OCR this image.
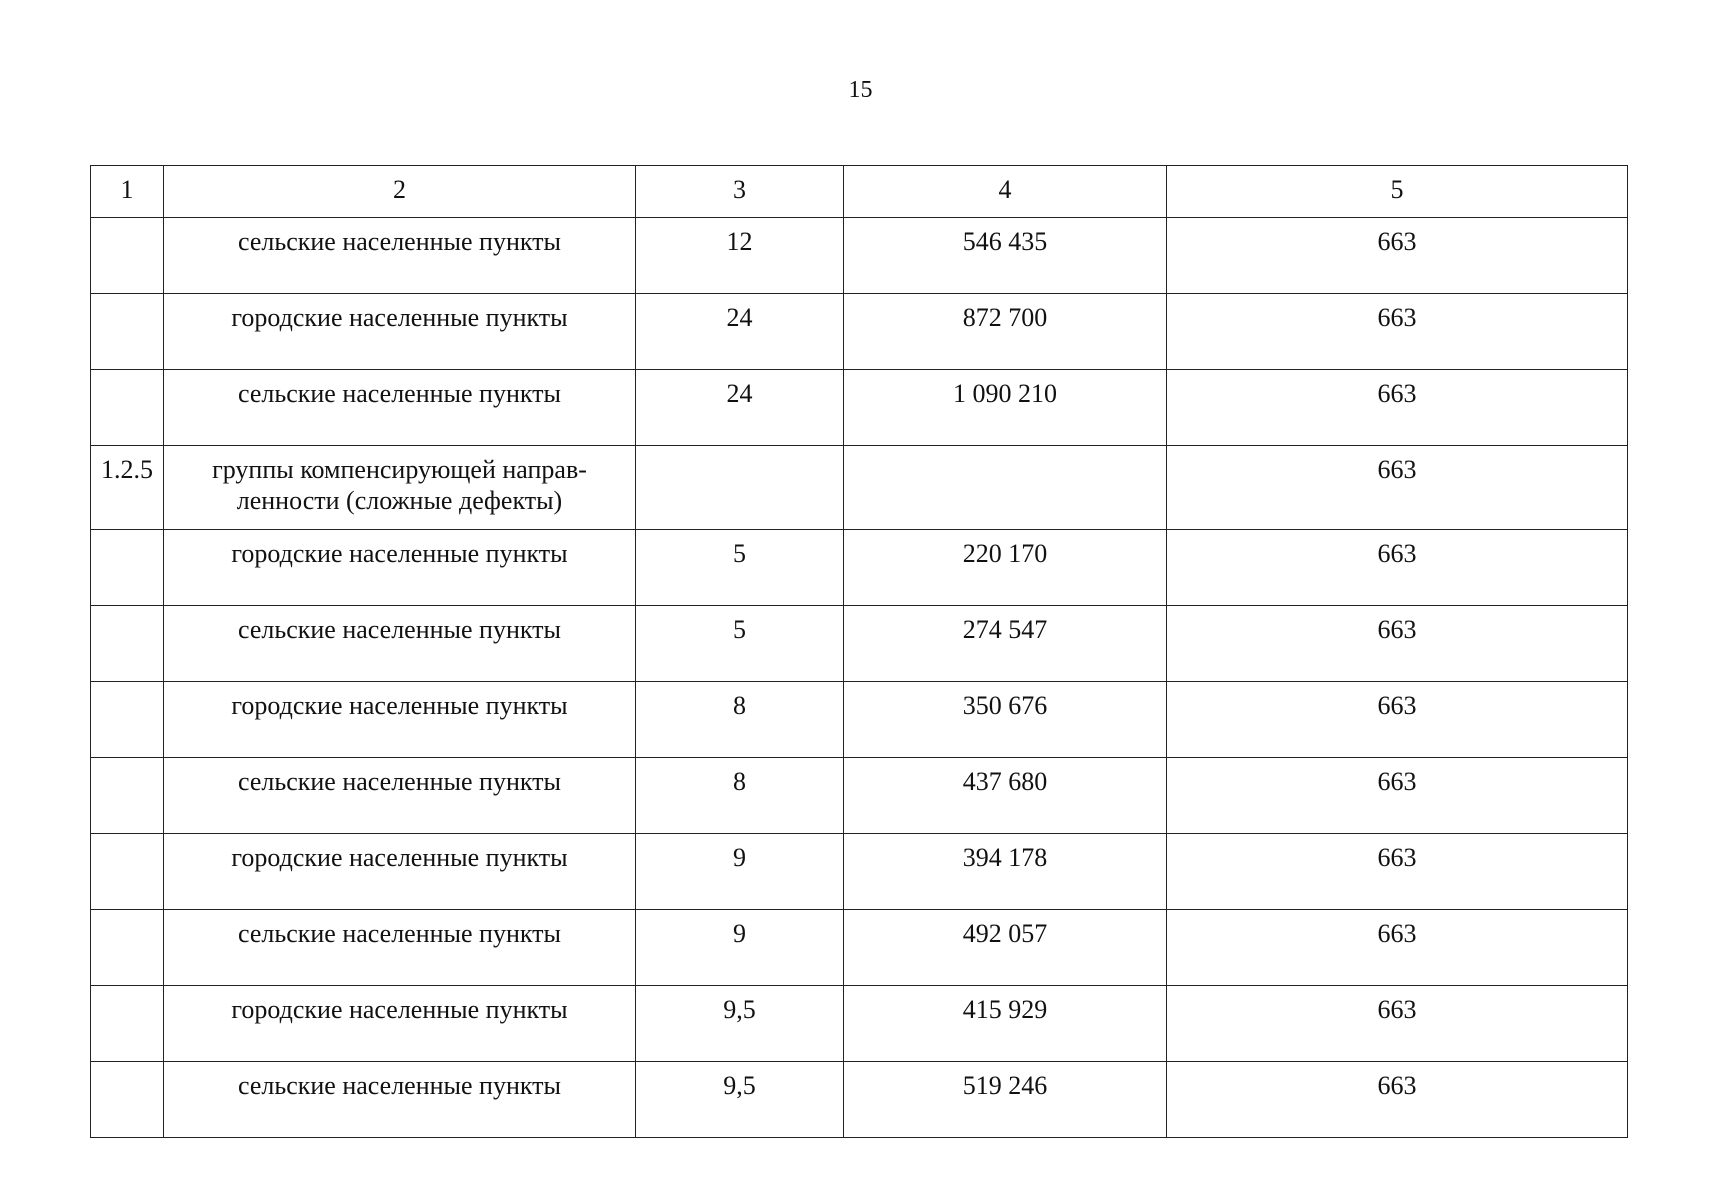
15
1	2	3	4	5
	сельские населенные пункты	12	546 435	663
	городские населенные пункты	24	872 700	663
	сельские населенные пункты	24	1 090 210	663
1.2.5	группы компенсирующей направ-ленности (сложные дефекты)			663
	городские населенные пункты	5	220 170	663
	сельские населенные пункты	5	274 547	663
	городские населенные пункты	8	350 676	663
	сельские населенные пункты	8	437 680	663
	городские населенные пункты	9	394 178	663
	сельские населенные пункты	9	492 057	663
	городские населенные пункты	9,5	415 929	663
	сельские населенные пункты	9,5	519 246	663
